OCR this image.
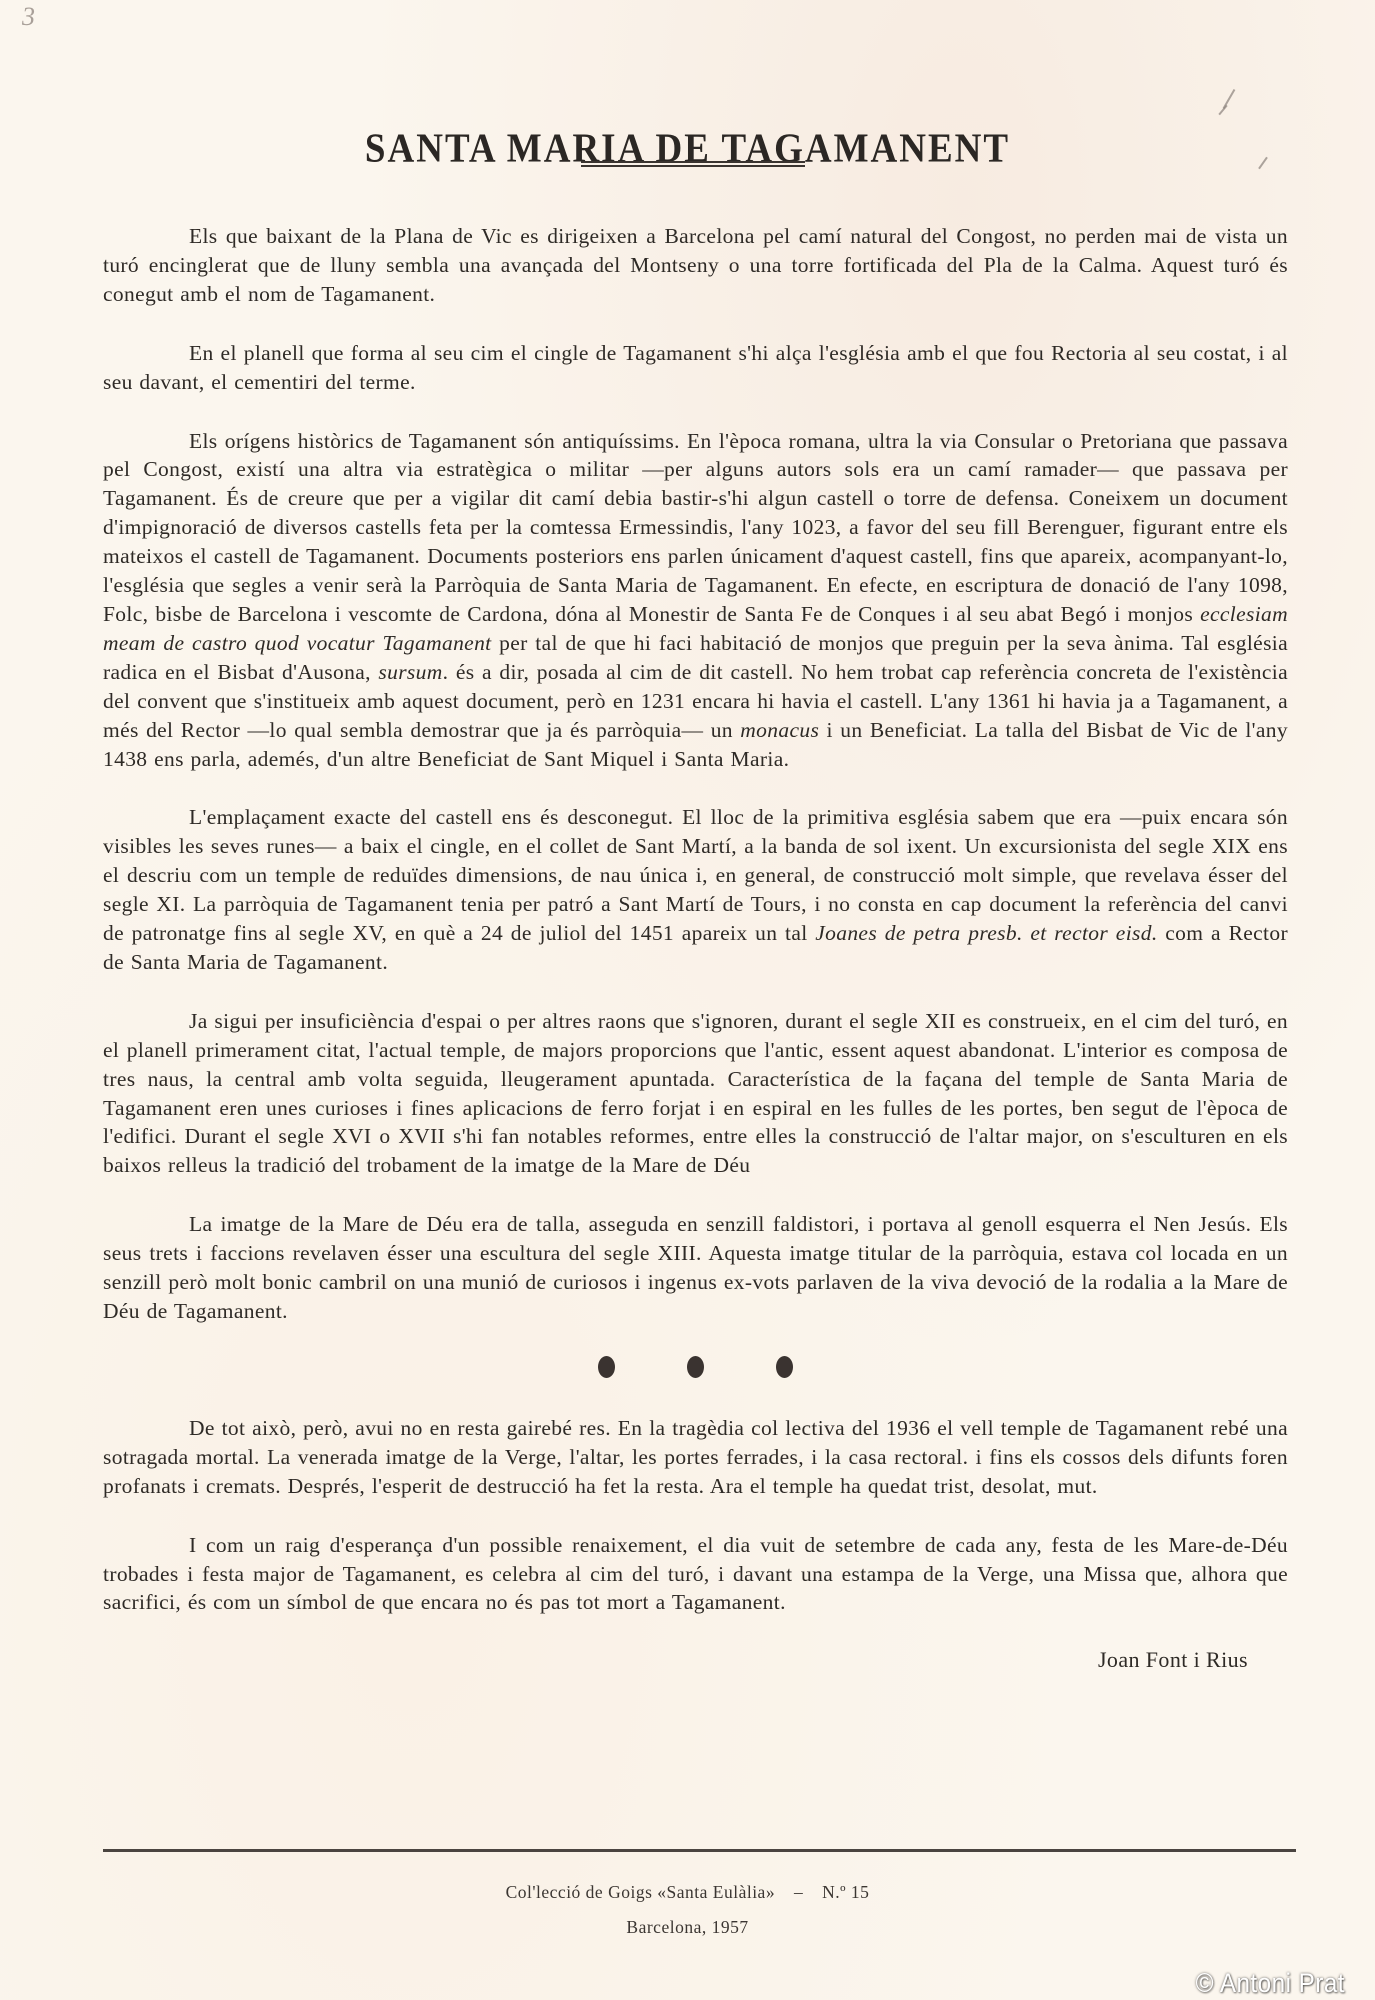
3
SANTA MARIA DE TAGAMANENT

Els que baixant de la Plana de Vic es dirigeixen a Barcelona pel camí natural del Congost, no perden mai de vista un turó encinglerat que de lluny sembla una avançada del Montseny o una torre fortificada del Pla de la Calma. Aquest turó és conegut amb el nom de Tagamanent.

En el planell que forma al seu cim el cingle de Tagamanent s'hi alça l'església amb el que fou Rectoria al seu costat, i al seu davant, el cementiri del terme.

Els orígens històrics de Tagamanent són antiquíssims. En l'època romana, ultra la via Consular o Pretoriana que passava pel Congost, existí una altra via estratègica o militar —per alguns autors sols era un camí ramader— que passava per Tagamanent. És de creure que per a vigilar dit camí debia bastir-s'hi algun castell o torre de defensa. Coneixem un document d'impignoració de diversos castells feta per la comtessa Ermessindis, l'any 1023, a favor del seu fill Berenguer, figurant entre els mateixos el castell de Tagamanent. Documents posteriors ens parlen únicament d'aquest castell, fins que apareix, acompanyant-lo, l'església que segles a venir serà la Parròquia de Santa Maria de Tagamanent. En efecte, en escriptura de donació de l'any 1098, Folc, bisbe de Barcelona i vescomte de Cardona, dóna al Monestir de Santa Fe de Conques i al seu abat Begó i monjos ecclesiam meam de castro quod vocatur Tagamanent per tal de que hi faci habitació de monjos que preguin per la seva ànima. Tal església radica en el Bisbat d'Ausona, sursum. és a dir, posada al cim de dit castell. No hem trobat cap referència concreta de l'existència del convent que s'institueix amb aquest document, però en 1231 encara hi havia el castell. L'any 1361 hi havia ja a Tagamanent, a més del Rector —lo qual sembla demostrar que ja és parròquia— un monacus i un Beneficiat. La talla del Bisbat de Vic de l'any 1438 ens parla, ademés, d'un altre Beneficiat de Sant Miquel i Santa Maria.

L'emplaçament exacte del castell ens és desconegut. El lloc de la primitiva església sabem que era —puix encara són visibles les seves runes— a baix el cingle, en el collet de Sant Martí, a la banda de sol ixent. Un excursionista del segle XIX ens el descriu com un temple de reduïdes dimensions, de nau única i, en general, de construcció molt simple, que revelava ésser del segle XI. La parròquia de Tagamanent tenia per patró a Sant Martí de Tours, i no consta en cap document la referència del canvi de patronatge fins al segle XV, en què a 24 de juliol del 1451 apareix un tal Joanes de petra presb. et rector eisd. com a Rector de Santa Maria de Tagamanent.

Ja sigui per insuficiència d'espai o per altres raons que s'ignoren, durant el segle XII es construeix, en el cim del turó, en el planell primerament citat, l'actual temple, de majors proporcions que l'antic, essent aquest abandonat. L'interior es composa de tres naus, la central amb volta seguida, lleugerament apuntada. Característica de la façana del temple de Santa Maria de Tagamanent eren unes curioses i fines aplicacions de ferro forjat i en espiral en les fulles de les portes, ben segut de l'època de l'edifici. Durant el segle XVI o XVII s'hi fan notables reformes, entre elles la construcció de l'altar major, on s'esculturen en els baixos relleus la tradició del trobament de la imatge de la Mare de Déu

La imatge de la Mare de Déu era de talla, asseguda en senzill faldistori, i portava al genoll esquerra el Nen Jesús. Els seus trets i faccions revelaven ésser una escultura del segle XIII. Aquesta imatge titular de la parròquia, estava col locada en un senzill però molt bonic cambril on una munió de curiosos i ingenus ex-vots parlaven de la viva devoció de la rodalia a la Mare de Déu de Tagamanent.

De tot això, però, avui no en resta gairebé res. En la tragèdia col lectiva del 1936 el vell temple de Tagamanent rebé una sotragada mortal. La venerada imatge de la Verge, l'altar, les portes ferrades, i la casa rectoral. i fins els cossos dels difunts foren profanats i cremats. Després, l'esperit de destrucció ha fet la resta. Ara el temple ha quedat trist, desolat, mut.

I com un raig d'esperança d'un possible renaixement, el dia vuit de setembre de cada any, festa de les Mare-de-Déu trobades i festa major de Tagamanent, es celebra al cim del turó, i davant una estampa de la Verge, una Missa que, alhora que sacrifici, és com un símbol de que encara no és pas tot mort a Tagamanent.

Joan Font i Rius
Col'lecció de Goigs «Santa Eulàlia» – N.º 15
Barcelona, 1957
© Antoni Prat
